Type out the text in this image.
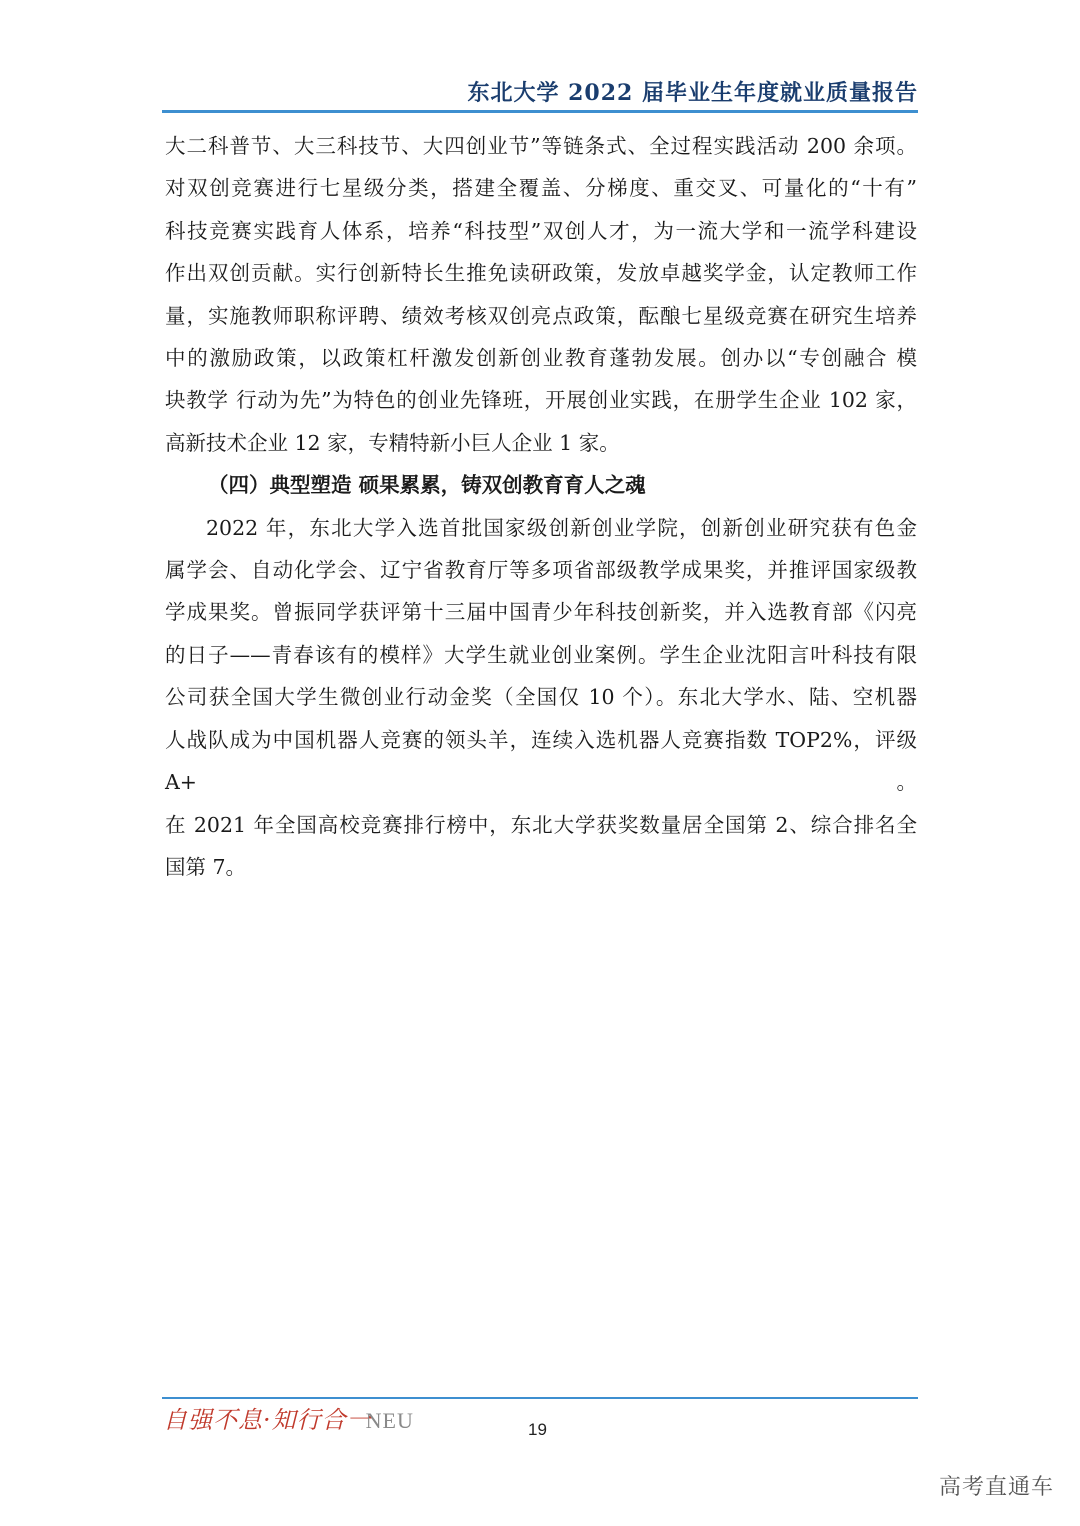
东北大学 2022 届毕业生年度就业质量报告

大二科普节、大三科技节、大四创业节”等链条式、全过程实践活动 200 余项。

对双创竞赛进行七星级分类，搭建全覆盖、分梯度、重交叉、可量化的“十有”

科技竞赛实践育人体系，培养“科技型”双创人才，为一流大学和一流学科建设

作出双创贡献。实行创新特长生推免读研政策，发放卓越奖学金，认定教师工作

量，实施教师职称评聘、绩效考核双创亮点政策，酝酿七星级竞赛在研究生培养

中的激励政策，以政策杠杆激发创新创业教育蓬勃发展。创办以“专创融合 模

块教学 行动为先”为特色的创业先锋班，开展创业实践，在册学生企业 102 家，

高新技术企业 12 家，专精特新小巨人企业 1 家。

（四）典型塑造 硕果累累，铸双创教育育人之魂

2022 年，东北大学入选首批国家级创新创业学院，创新创业研究获有色金

属学会、自动化学会、辽宁省教育厅等多项省部级教学成果奖，并推评国家级教

学成果奖。曾振同学获评第十三届中国青少年科技创新奖，并入选教育部《闪亮

的日子——青春该有的模样》大学生就业创业案例。学生企业沈阳言叶科技有限

公司获全国大学生微创业行动金奖（全国仅 10 个）。东北大学水、陆、空机器

人战队成为中国机器人竞赛的领头羊，连续入选机器人竞赛指数 TOP2%，评级 A+。

在 2021 年全国高校竞赛排行榜中，东北大学获奖数量居全国第 2、综合排名全

国第 7。

自强不息·知行合一NEU	19
高考直通车
